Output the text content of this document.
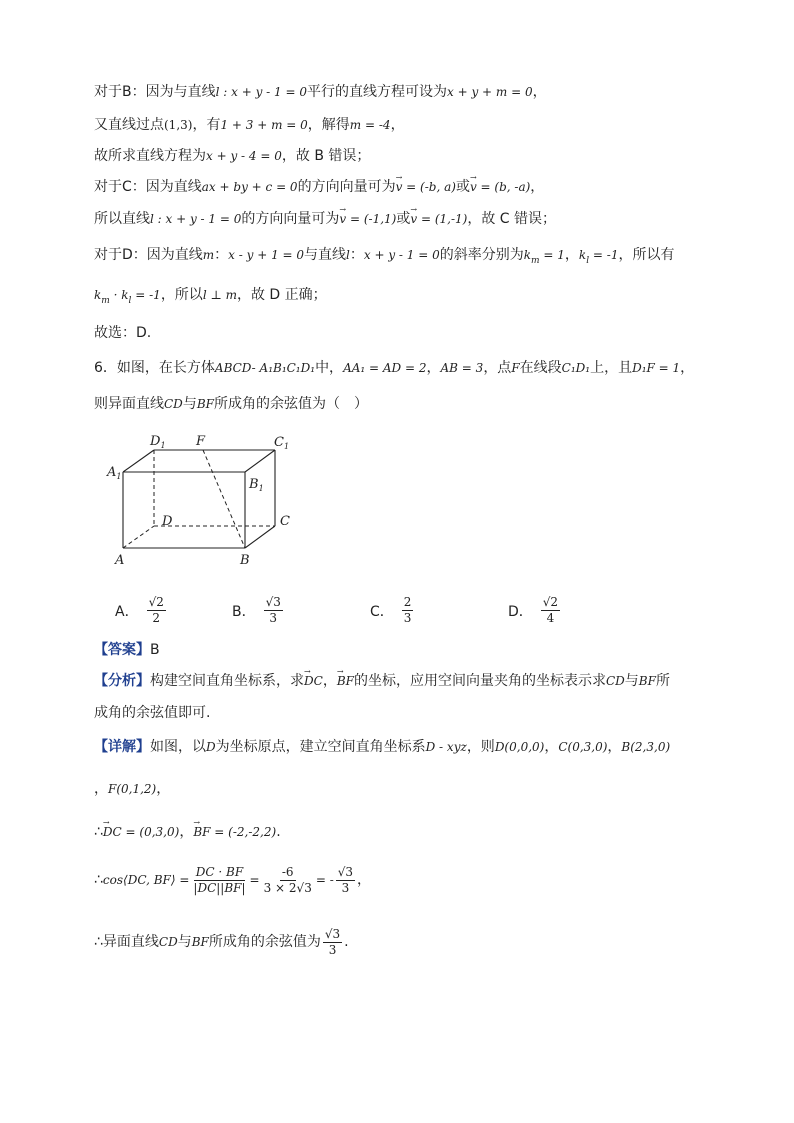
对于B：因为与直线l : x + y - 1 = 0平行的直线方程可设为x + y + m = 0，
又直线过点(1,3)，有1 + 3 + m = 0，解得m = -4，
故所求直线方程为x + y - 4 = 0，故 B 错误；
对于C：因为直线ax + by + c = 0的方向向量可为→ v = (-b, a)或→ v = (b, -a)，
所以直线l : x + y - 1 = 0的方向向量可为→ v = (-1,1)或→ v = (1,-1)，故 C 错误；
对于D：因为直线m：x - y + 1 = 0与直线l：x + y - 1 = 0的斜率分别为$k_m = 1$，$k_l = -1$，所以有
$k_m \cdot k_l = -1$，所以l ⊥ m，故 D 正确；
故选：D.
6．如图，在长方体ABCD- A₁B₁C₁D₁中，AA₁ = AD = 2，AB = 3，点F在线段C₁D₁上，且D₁F = 1，
则异面直线CD与BF所成角的余弦值为（　）
$D_1$ F	$C_1$
$A_1$
$B_1$
D	C
A	B
A． $\frac{√2}{2}$	B． $\frac{√3}{3}$	C． $\frac{2}{3}$	D． $\frac{√2}{4}$
【答案】B
【分析】构建空间直角坐标系，求→ DC，→ BF的坐标，应用空间向量夹角的坐标表示求CD与BF所
成角的余弦值即可.
【详解】如图，以D为坐标原点，建立空间直角坐标系D - xyz，则D(0,0,0)，C(0,3,0)，B(2,3,0)
，F(0,1,2)，
∴→ DC = (0,3,0)，→ BF = (-2,-2,2).
∴cos⟨DC, BF⟩ = $\frac{DC \cdot BF}{|DC||BF|} = \frac{-6}{3 \times 2√3}$ = - $\frac{√3}{3}$ ，
∴异面直线CD与BF所成角的余弦值为 $\frac{√3}{3}$ .
